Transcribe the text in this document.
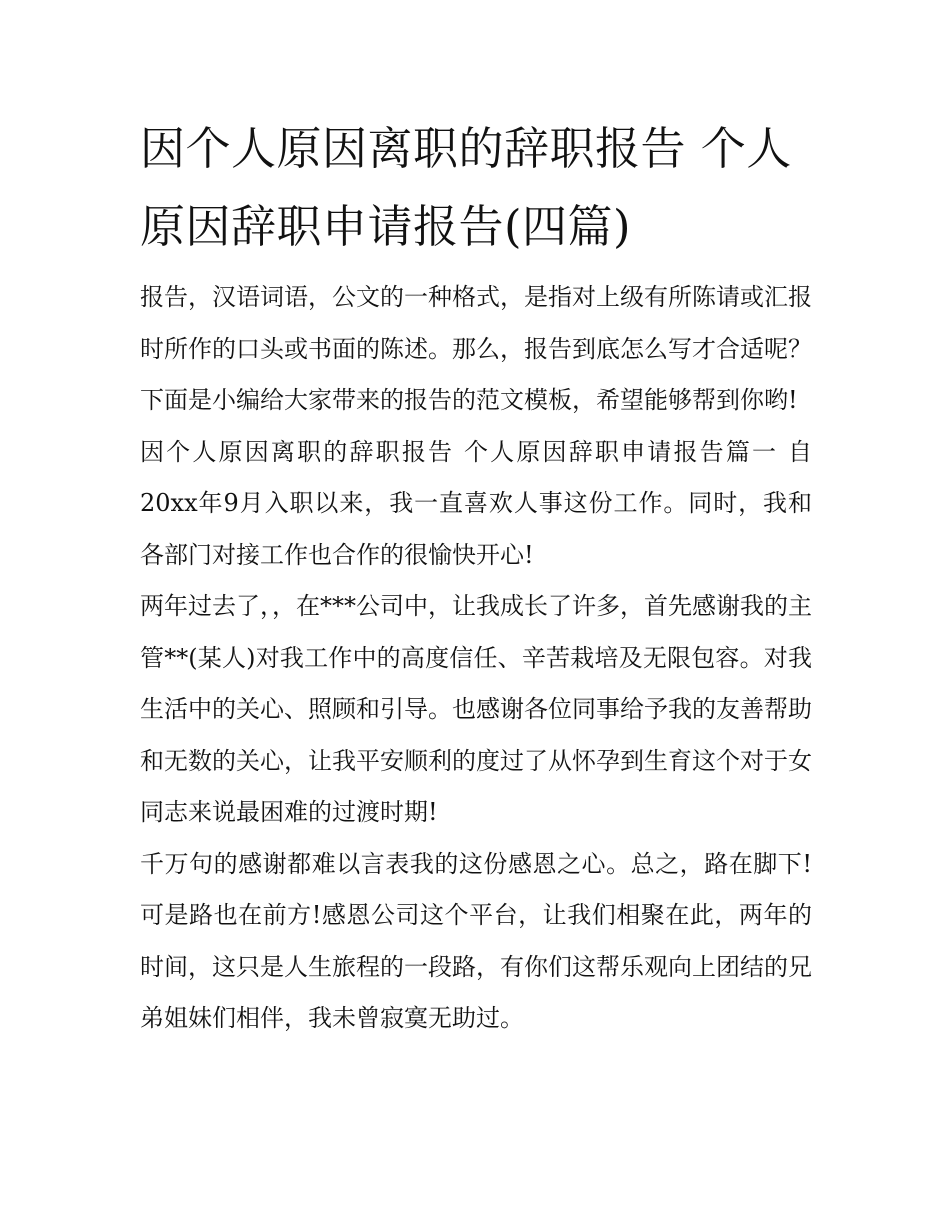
因个人原因离职的辞职报告 个人原因辞职申请报告(四篇)

报告，汉语词语，公文的一种格式，是指对上级有所陈请或汇报时所作的口头或书面的陈述。那么，报告到底怎么写才合适呢？下面是小编给大家带来的报告的范文模板，希望能够帮到你哟!

因个人原因离职的辞职报告 个人原因辞职申请报告篇一 自20xx年9月入职以来，我一直喜欢人事这份工作。同时，我和各部门对接工作也合作的很愉快开心!

两年过去了，，在***公司中，让我成长了许多，首先感谢我的主管**(某人)对我工作中的高度信任、辛苦栽培及无限包容。对我生活中的关心、照顾和引导。也感谢各位同事给予我的友善帮助和无数的关心，让我平安顺利的度过了从怀孕到生育这个对于女同志来说最困难的过渡时期!

千万句的感谢都难以言表我的这份感恩之心。总之，路在脚下!可是路也在前方!感恩公司这个平台，让我们相聚在此，两年的时间，这只是人生旅程的一段路，有你们这帮乐观向上团结的兄弟姐妹们相伴，我未曾寂寞无助过。
